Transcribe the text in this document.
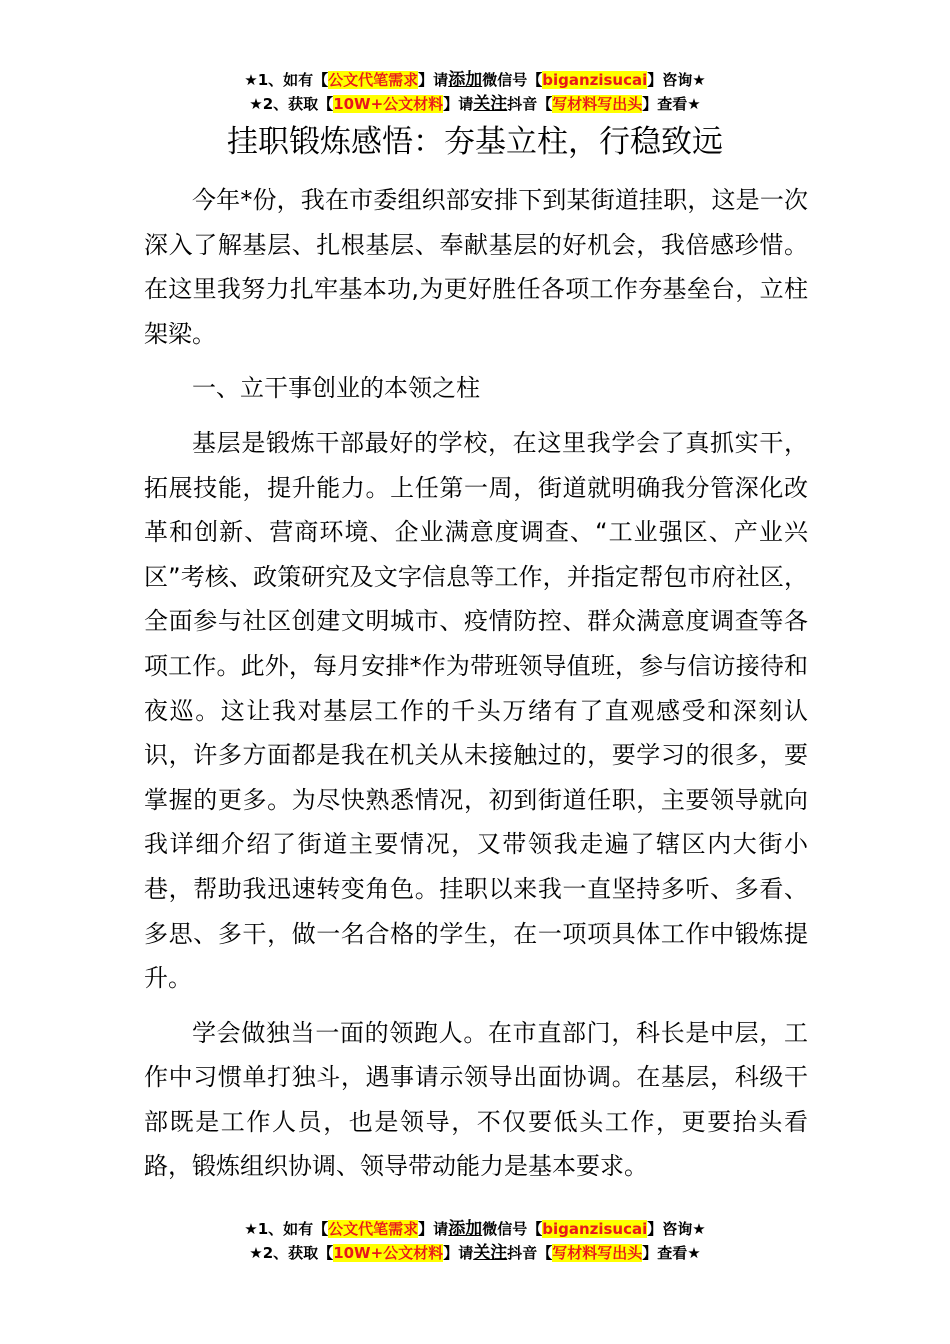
★1、如有【公文代笔需求】请添加微信号【biganzisucai】咨询★
★2、获取【10W+公文材料】请关注抖音【写材料写出头】查看★
挂职锻炼感悟：夯基立柱，行稳致远

今年*份，我在市委组织部安排下到某街道挂职，这是一次深入了解基层、扎根基层、奉献基层的好机会，我倍感珍惜。在这里我努力扎牢基本功,为更好胜任各项工作夯基垒台，立柱架梁。

一、立干事创业的本领之柱

基层是锻炼干部最好的学校，在这里我学会了真抓实干，拓展技能，提升能力。上任第一周，街道就明确我分管深化改革和创新、营商环境、企业满意度调查、“工业强区、产业兴区”考核、政策研究及文字信息等工作，并指定帮包市府社区，全面参与社区创建文明城市、疫情防控、群众满意度调查等各项工作。此外，每月安排*作为带班领导值班，参与信访接待和夜巡。这让我对基层工作的千头万绪有了直观感受和深刻认识，许多方面都是我在机关从未接触过的，要学习的很多，要掌握的更多。为尽快熟悉情况，初到街道任职，主要领导就向我详细介绍了街道主要情况，又带领我走遍了辖区内大街小巷，帮助我迅速转变角色。挂职以来我一直坚持多听、多看、多思、多干，做一名合格的学生，在一项项具体工作中锻炼提升。

学会做独当一面的领跑人。在市直部门，科长是中层，工作中习惯单打独斗，遇事请示领导出面协调。在基层，科级干部既是工作人员，也是领导，不仅要低头工作，更要抬头看路，锻炼组织协调、领导带动能力是基本要求。

★1、如有【公文代笔需求】请添加微信号【biganzisucai】咨询★
★2、获取【10W+公文材料】请关注抖音【写材料写出头】查看★
